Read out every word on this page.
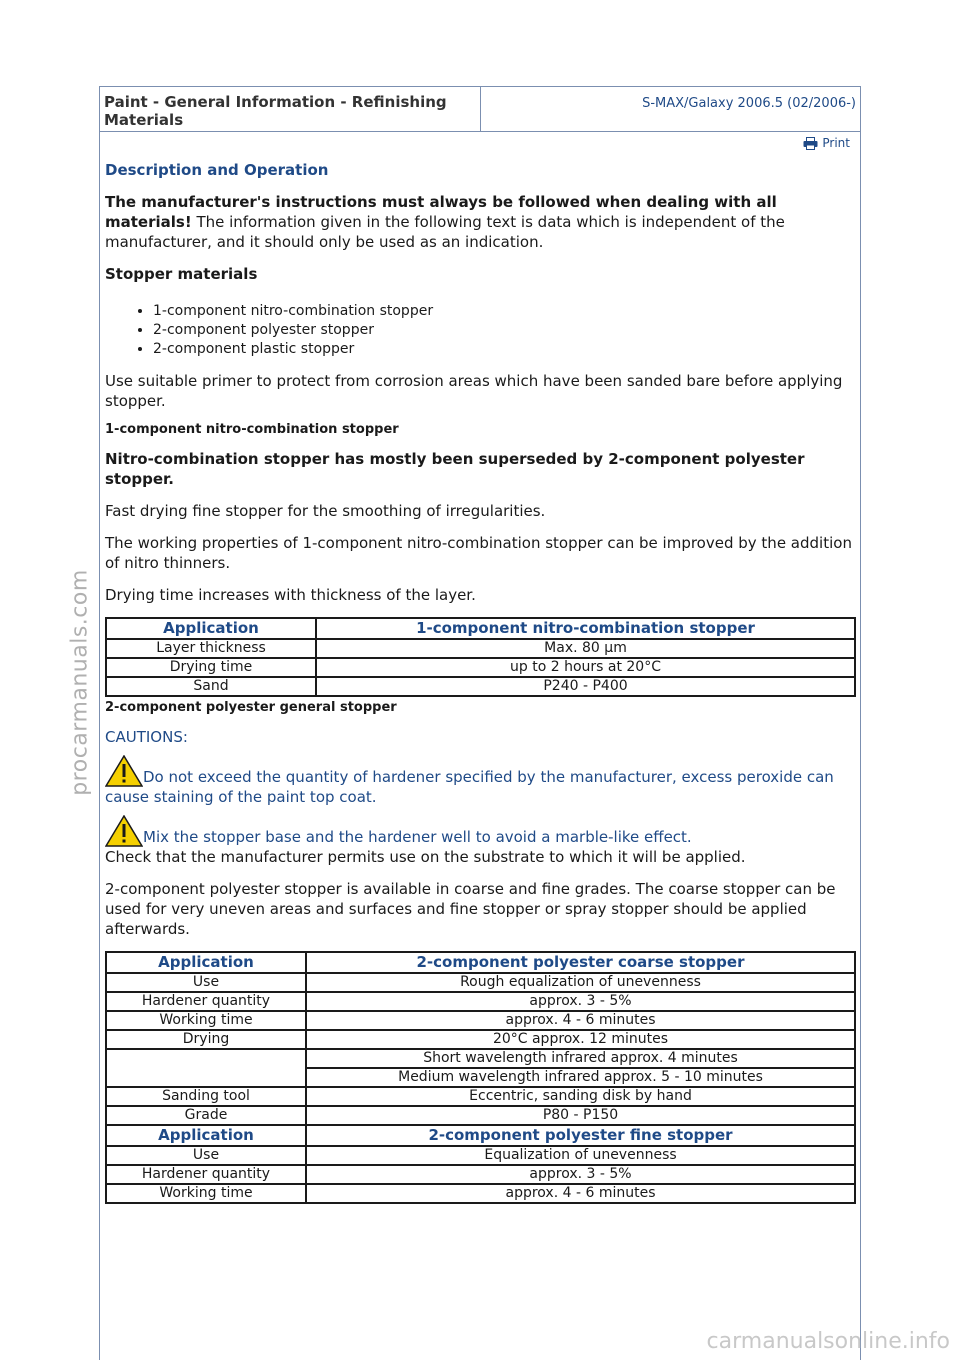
Paint - General Information - Refinishing Materials	S-MAX/Galaxy 2006.5 (02/2006-)
Print
Description and Operation

The manufacturer's instructions must always be followed when dealing with all materials! The information given in the following text is data which is independent of the manufacturer, and it should only be used as an indication.

Stopper materials

• 1-component nitro-combination stopper
• 2-component polyester stopper
• 2-component plastic stopper

Use suitable primer to protect from corrosion areas which have been sanded bare before applying stopper.

1-component nitro-combination stopper

Nitro-combination stopper has mostly been superseded by 2-component polyester stopper.

Fast drying fine stopper for the smoothing of irregularities.

The working properties of 1-component nitro-combination stopper can be improved by the addition of nitro thinners.

Drying time increases with thickness of the layer.

Application	1-component nitro-combination stopper
Layer thickness	Max. 80 µm
Drying time	up to 2 hours at 20°C
Sand	P240 - P400

2-component polyester general stopper

CAUTIONS:

Do not exceed the quantity of hardener specified by the manufacturer, excess peroxide can cause staining of the paint top coat.

Mix the stopper base and the hardener well to avoid a marble-like effect.

Check that the manufacturer permits use on the substrate to which it will be applied.

2-component polyester stopper is available in coarse and fine grades. The coarse stopper can be used for very uneven areas and surfaces and fine stopper or spray stopper should be applied afterwards.

Application	2-component polyester coarse stopper
Use	Rough equalization of unevenness
Hardener quantity	approx. 3 - 5%
Working time	approx. 4 - 6 minutes
Drying	20°C approx. 12 minutes
	Short wavelength infrared approx. 4 minutes
	Medium wavelength infrared approx. 5 - 10 minutes
Sanding tool	Eccentric, sanding disk by hand
Grade	P80 - P150
Application	2-component polyester fine stopper
Use	Equalization of unevenness
Hardener quantity	approx. 3 - 5%
Working time	approx. 4 - 6 minutes
procarmanuals.com
carmanualsonline.info
